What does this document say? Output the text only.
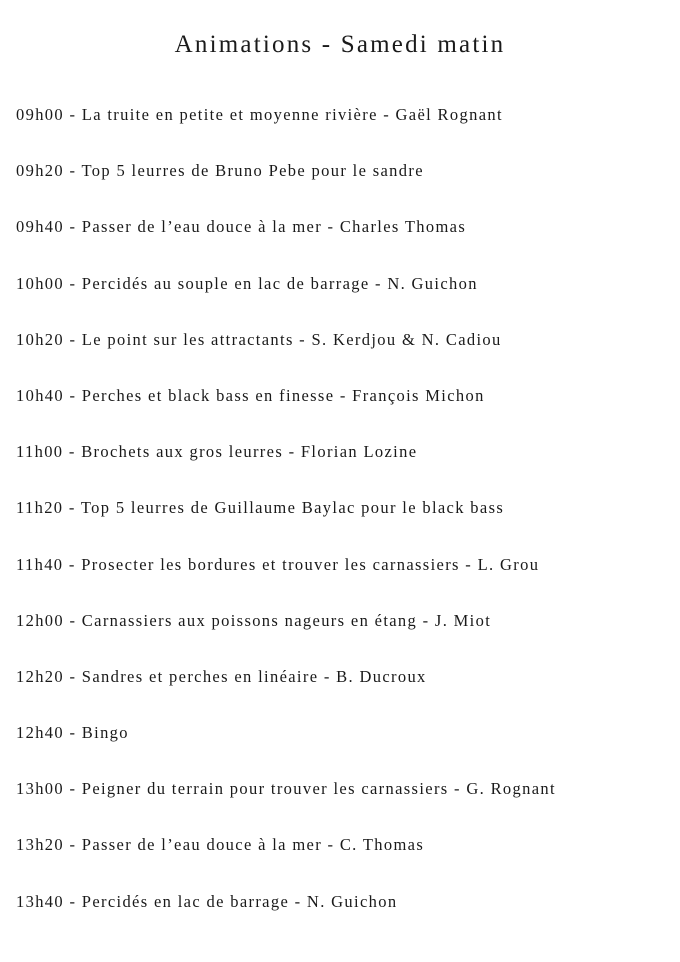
Animations - Samedi matin
09h00 - La truite en petite et moyenne rivière - Gaël Rognant
09h20 - Top 5 leurres de Bruno Pebe pour le sandre
09h40 - Passer de l’eau douce à la mer - Charles Thomas
10h00 - Percidés au souple en lac de barrage - N. Guichon
10h20 - Le point sur les attractants - S. Kerdjou & N. Cadiou
10h40 - Perches et black bass en finesse - François Michon
11h00 - Brochets aux gros leurres - Florian Lozine
11h20 - Top 5 leurres de Guillaume Baylac pour le black bass
11h40 - Prosecter les bordures et trouver les carnassiers - L. Grou
12h00 - Carnassiers aux poissons nageurs en étang - J. Miot
12h20 - Sandres et perches en linéaire - B. Ducroux
12h40 - Bingo
13h00 - Peigner du terrain pour trouver les carnassiers - G. Rognant
13h20 - Passer de l’eau douce à la mer - C. Thomas
13h40 - Percidés en lac de barrage - N. Guichon
